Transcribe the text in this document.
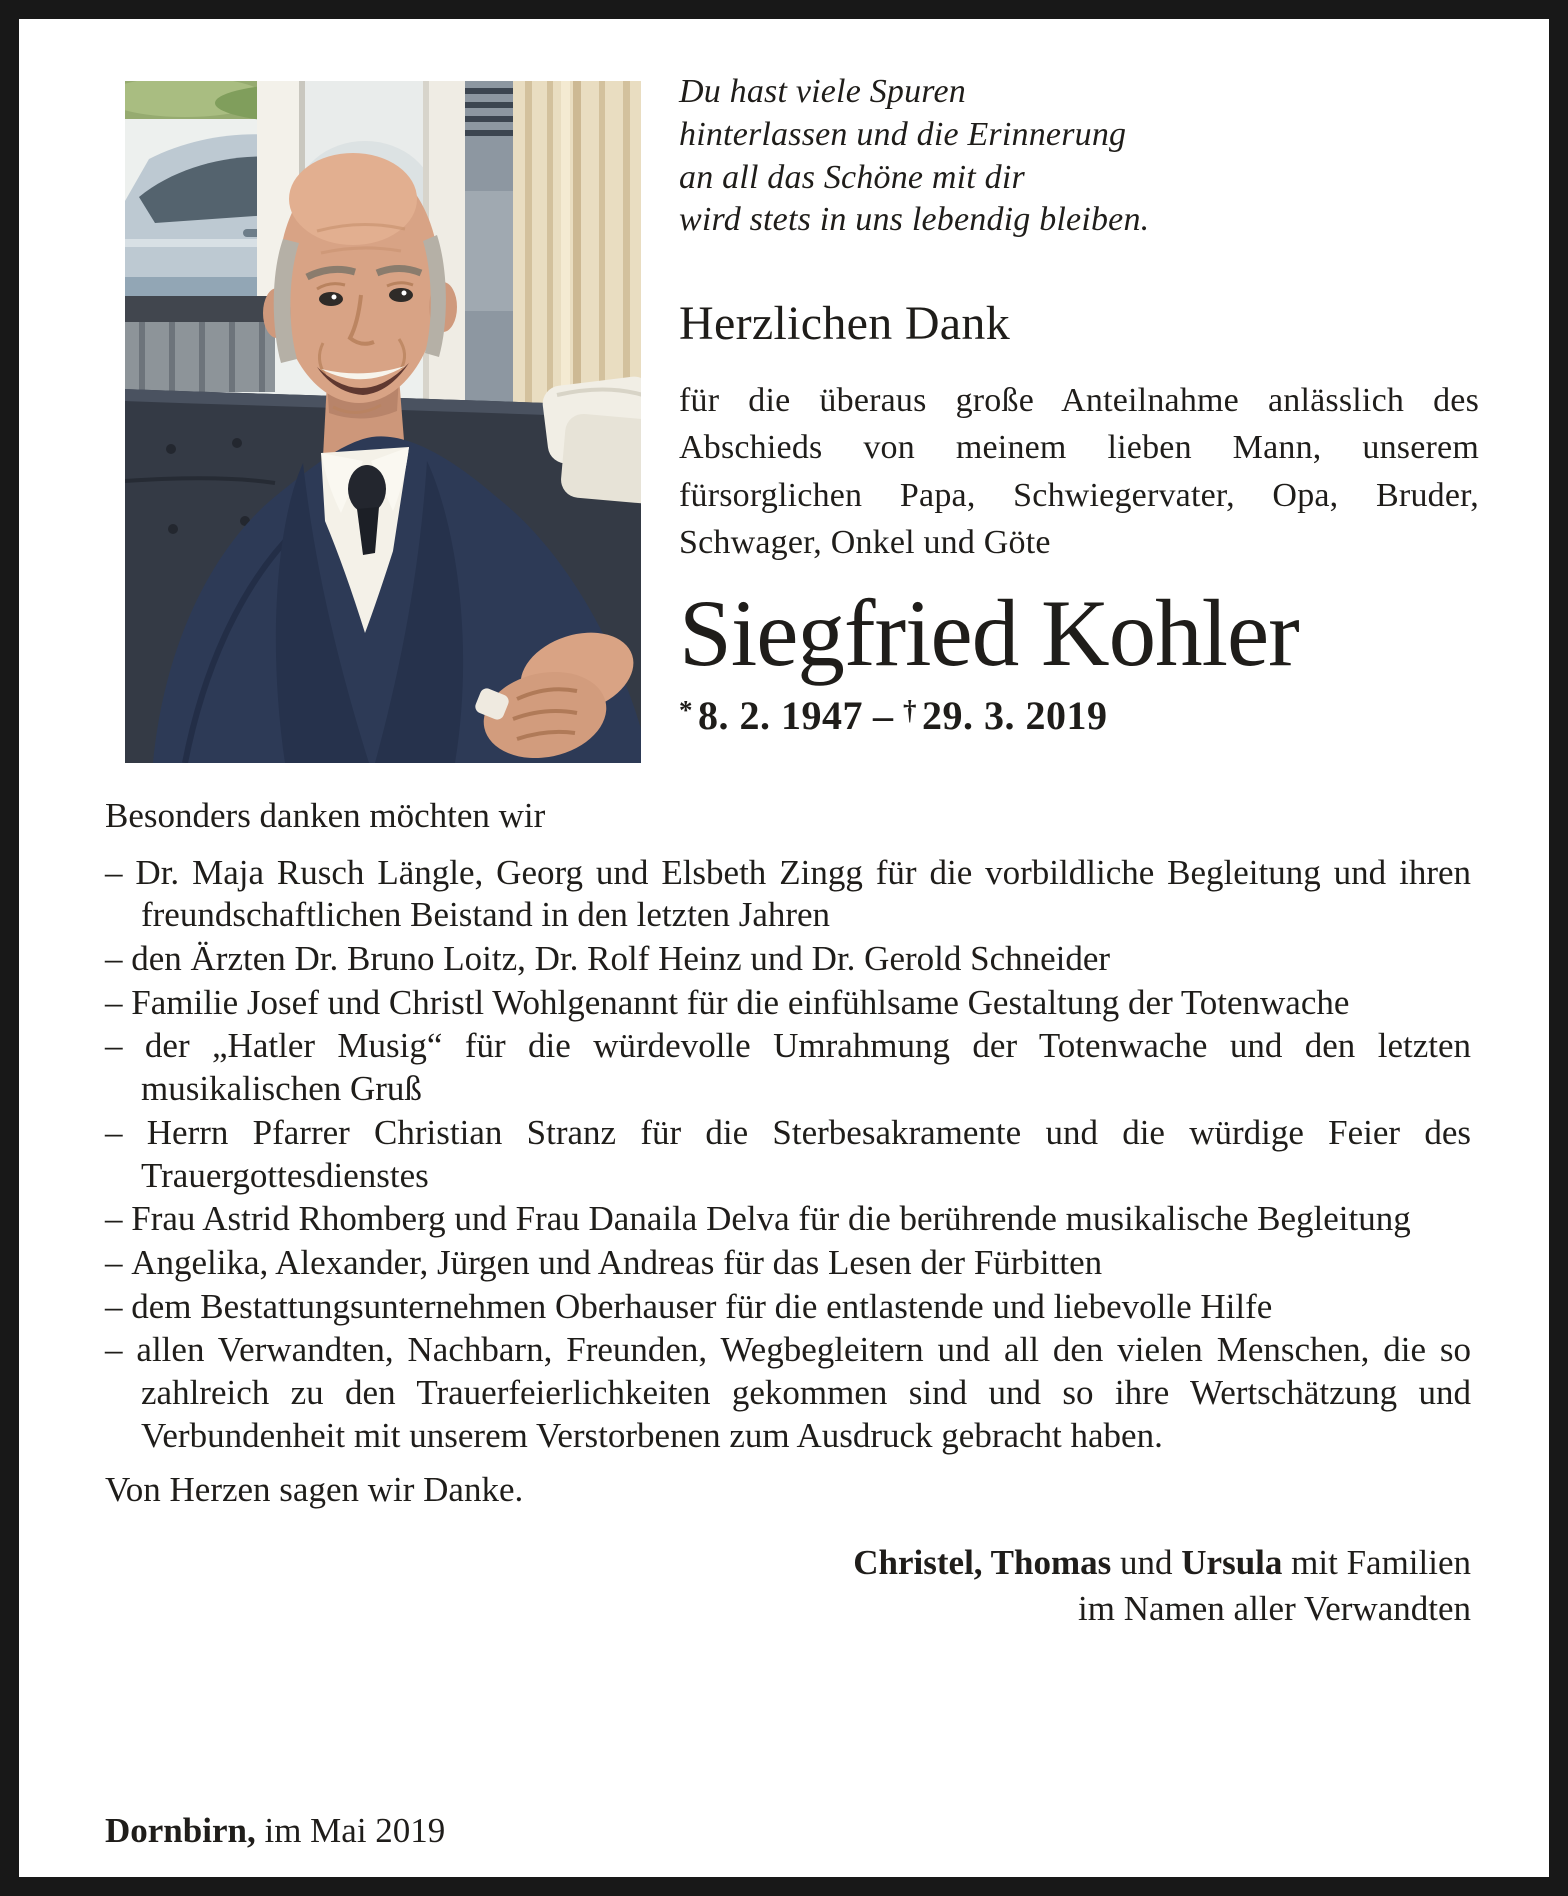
Du hast viele Spuren
hinterlassen und die Erinnerung
an all das Schöne mit dir
wird stets in uns lebendig bleiben.
Herzlichen Dank
für die überaus große Anteilnahme anlässlich des Abschieds von meinem lieben Mann, unserem fürsorglichen Papa, Schwiegervater, Opa, Bruder, Schwager, Onkel und Göte
Siegfried Kohler
* 8. 2. 1947 – † 29. 3. 2019
Besonders danken möchten wir
– Dr. Maja Rusch Längle, Georg und Elsbeth Zingg für die vorbildliche Begleitung und ihren freundschaftlichen Beistand in den letzten Jahren
– den Ärzten Dr. Bruno Loitz, Dr. Rolf Heinz und Dr. Gerold Schneider
– Familie Josef und Christl Wohlgenannt für die einfühlsame Gestaltung der Totenwache
– der „Hatler Musig“ für die würdevolle Umrahmung der Totenwache und den letzten musikalischen Gruß
– Herrn Pfarrer Christian Stranz für die Sterbesakramente und die würdige Feier des Trauergottesdienstes
– Frau Astrid Rhomberg und Frau Danaila Delva für die berührende musikalische Begleitung
– Angelika, Alexander, Jürgen und Andreas für das Lesen der Fürbitten
– dem Bestattungsunternehmen Oberhauser für die entlastende und liebevolle Hilfe
– allen Verwandten, Nachbarn, Freunden, Wegbegleitern und all den vielen Menschen, die so zahlreich zu den Trauerfeierlichkeiten gekommen sind und so ihre Wertschätzung und Verbundenheit mit unserem Verstorbenen zum Ausdruck gebracht haben.
Von Herzen sagen wir Danke.
Christel, Thomas und Ursula mit Familien
im Namen aller Verwandten
Dornbirn, im Mai 2019
